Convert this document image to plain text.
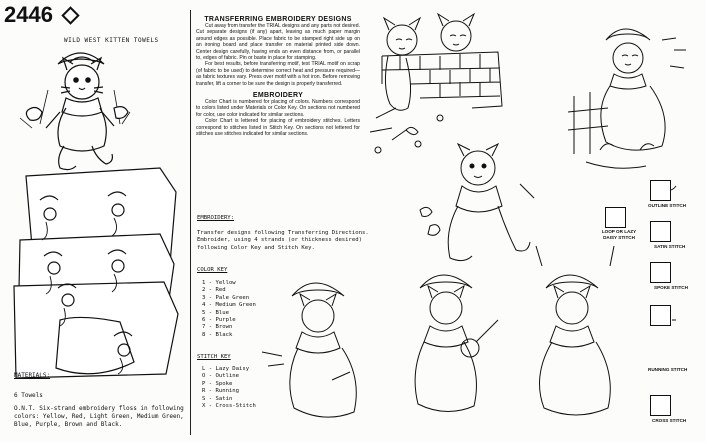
2446
WILD WEST KITTEN TOWELS
MATERIALS:
6 Towels
O.N.T. Six-strand embroidery floss in following colors: Yellow, Red, Light Green, Medium Green, Blue, Purple, Brown and Black.
TRANSFERRING EMBROIDERY DESIGNS

Cut away from transfer the TRIAL designs and any parts not desired. Cut separate designs (if any) apart, leaving as much paper margin around edges as possible. Place fabric to be stamped right side up on an ironing board and place transfer on material printed side down. Center design carefully, having ends an even distance from, or parallel to, edges of fabric. Pin or baste in place for stamping.

For best results, before transferring motif, test TRIAL motif on scrap (of fabric to be used) to determine correct heat and pressure required—as fabric textures vary. Press over motif with a hot iron. Before removing transfer, lift a corner to be sure the design is properly transferred.

EMBROIDERY

Color Chart is numbered for placing of colors. Numbers correspond to colors listed under Materials or Color Key. On sections not numbered for color, use color indicated for similar sections.

Color Chart is lettered for placing of embroidery stitches. Letters correspond to stitches listed in Stitch Key. On sections not lettered for stitches use stitches indicated for similar sections.

EMBROIDERY:
Transfer designs following Transferring Directions. Embroider, using 4 strands (or thickness desired) following Color Key and Stitch Key.
COLOR KEY
1 - Yellow
2 - Red
3 - Pale Green
4 - Medium Green
5 - Blue
6 - Purple
7 - Brown
8 - Black
STITCH KEY
L - Lazy Daisy
O - Outline
P - Spoke
R - Running
S - Satin
X - Cross-Stitch
OUTLINE STITCH
LOOP OR LAZY DAISY STITCH
SATIN STITCH
SPOKE STITCH
RUNNING STITCH
CROSS STITCH
